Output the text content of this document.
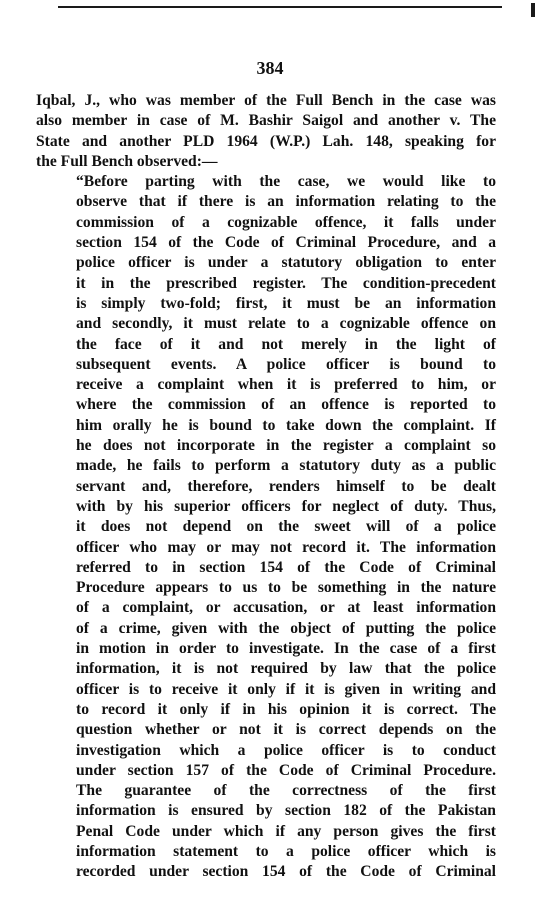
384
Iqbal, J., who was member of the Full Bench in the case was
also member in case of M. Bashir Saigol and another v. The
State and another PLD 1964 (W.P.) Lah. 148, speaking for
the Full Bench observed:—
“Before parting with the case, we would like to
observe that if there is an information relating to the
commission of a cognizable offence, it falls under
section 154 of the Code of Criminal Procedure, and a
police officer is under a statutory obligation to enter
it in the prescribed register. The condition-precedent
is simply two-fold; first, it must be an information
and secondly, it must relate to a cognizable offence on
the face of it and not merely in the light of
subsequent events. A police officer is bound to
receive a complaint when it is preferred to him, or
where the commission of an offence is reported to
him orally he is bound to take down the complaint. If
he does not incorporate in the register a complaint so
made, he fails to perform a statutory duty as a public
servant and, therefore, renders himself to be dealt
with by his superior officers for neglect of duty. Thus,
it does not depend on the sweet will of a police
officer who may or may not record it. The information
referred to in section 154 of the Code of Criminal
Procedure appears to us to be something in the nature
of a complaint, or accusation, or at least information
of a crime, given with the object of putting the police
in motion in order to investigate. In the case of a first
information, it is not required by law that the police
officer is to receive it only if it is given in writing and
to record it only if in his opinion it is correct. The
question whether or not it is correct depends on the
investigation which a police officer is to conduct
under section 157 of the Code of Criminal Procedure.
The guarantee of the correctness of the first
information is ensured by section 182 of the Pakistan
Penal Code under which if any person gives the first
information statement to a police officer which is
recorded under section 154 of the Code of Criminal
